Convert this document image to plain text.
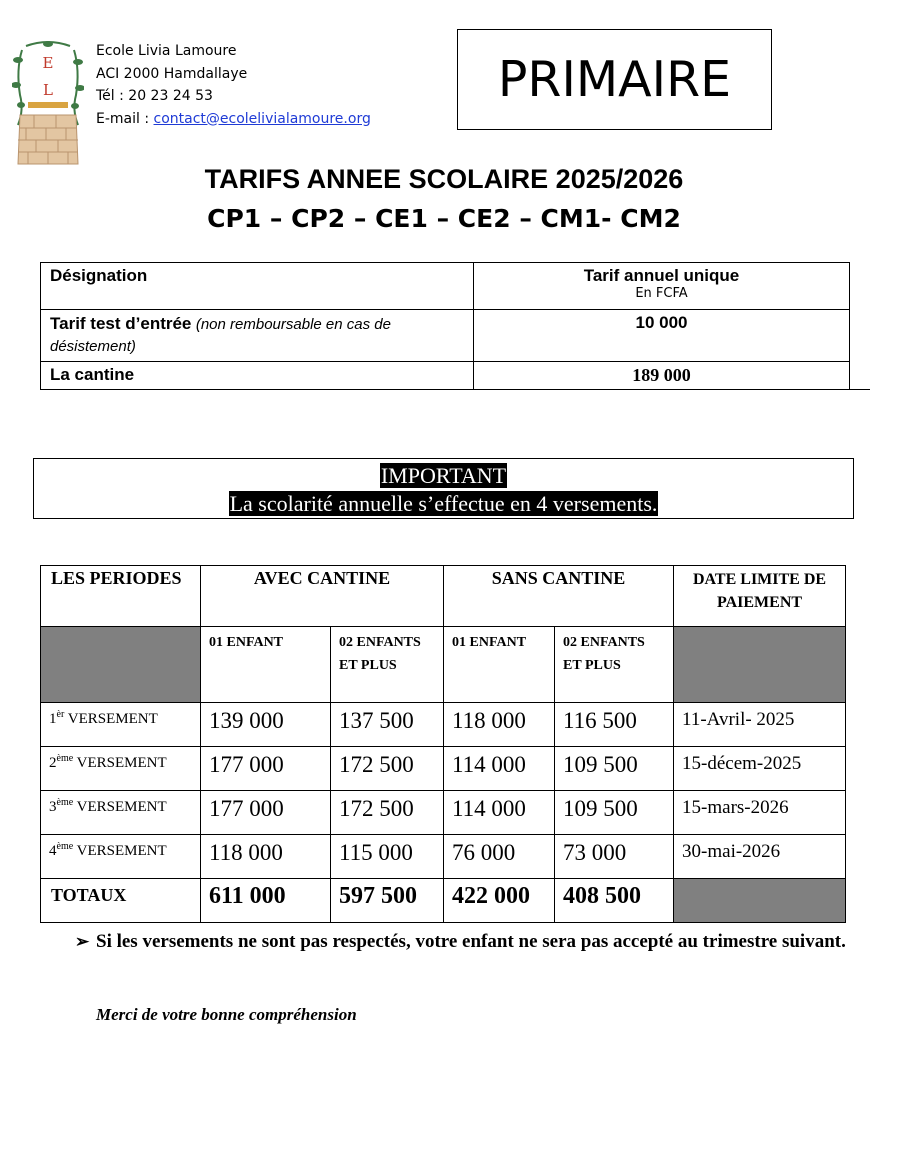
E
L
Ecole Livia Lamoure
ACI 2000 Hamdallaye
Tél : 20 23 24 53
E-mail : contact@ecolelivialamoure.org
PRIMAIRE
TARIFS ANNEE SCOLAIRE 2025/2026
CP1 – CP2 – CE1 – CE2 – CM1- CM2
Désignation	Tarif annuel unique
En FCFA

Tarif test d’entrée (non remboursable en cas de désistement)	10 000
La cantine	189 000
IMPORTANT
La scolarité annuelle s’effectue en 4 versements.
LES PERIODES	AVEC CANTINE		SANS CANTINE		DATE LIMITE DE PAIEMENT
	01 ENFANT	02 ENFANTS ET PLUS	01 ENFANT	02 ENFANTS ET PLUS	
$1^{èr}$ VERSEMENT	139 000	137 500	118 000	116 500	11-Avril- 2025
2ème VERSEMENT	177 000	172 500	114 000	109 500	15-décem-2025
3ème VERSEMENT	177 000	172 500	114 000	109 500	15-mars-2026
4ème VERSEMENT	118 000	115 000	76 000	73 000	30-mai-2026
TOTAUX	611 000	597 500	422 000	408 500	
➢ Si les versements ne sont pas respectés, votre enfant ne sera pas accepté au trimestre suivant.
Merci de votre bonne compréhension
